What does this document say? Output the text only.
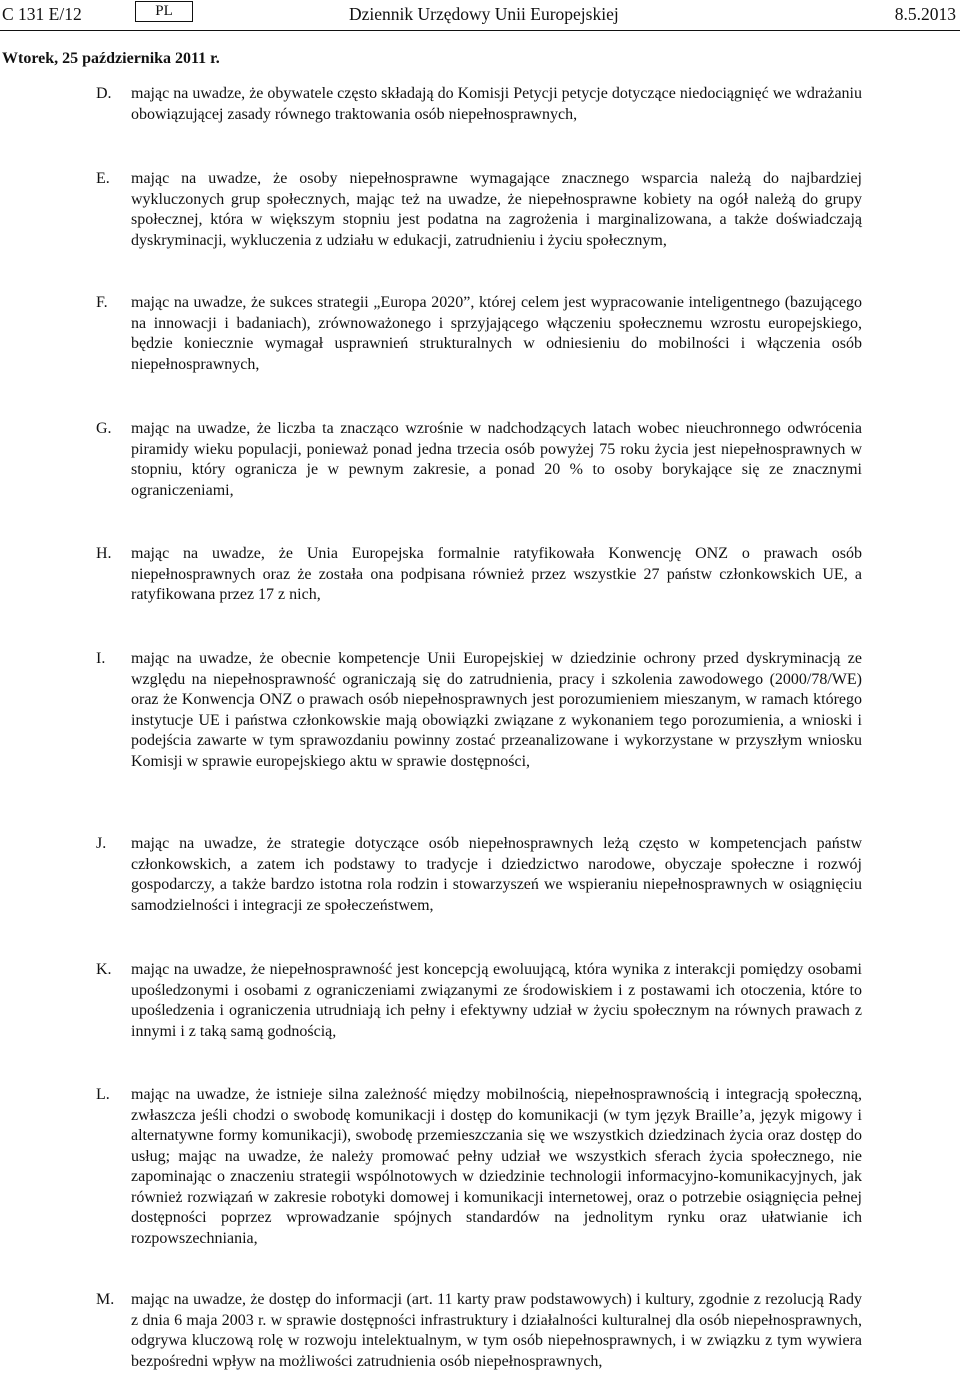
C 131 E/12	PL	Dziennik Urzędowy Unii Europejskiej	8.5.2013
Wtorek, 25 października 2011 r.
D. mając na uwadze, że obywatele często składają do Komisji Petycji petycje dotyczące niedociągnięć we wdrażaniu obowiązującej zasady równego traktowania osób niepełnosprawnych,
E. mając na uwadze, że osoby niepełnosprawne wymagające znacznego wsparcia należą do najbardziej wykluczonych grup społecznych, mając też na uwadze, że niepełnosprawne kobiety na ogół należą do grupy społecznej, która w większym stopniu jest podatna na zagrożenia i marginalizowana, a także doświadczają dyskryminacji, wykluczenia z udziału w edukacji, zatrudnieniu i życiu społecznym,
F. mając na uwadze, że sukces strategii „Europa 2020”, której celem jest wypracowanie inteligentnego (bazującego na innowacji i badaniach), zrównoważonego i sprzyjającego włączeniu społecznemu wzrostu europejskiego, będzie koniecznie wymagał usprawnień strukturalnych w odniesieniu do mobilności i włączenia osób niepełnosprawnych,
G. mając na uwadze, że liczba ta znacząco wzrośnie w nadchodzących latach wobec nieuchronnego odwrócenia piramidy wieku populacji, ponieważ ponad jedna trzecia osób powyżej 75 roku życia jest niepełnosprawnych w stopniu, który ogranicza je w pewnym zakresie, a ponad 20 % to osoby borykające się ze znacznymi ograniczeniami,
H. mając na uwadze, że Unia Europejska formalnie ratyfikowała Konwencję ONZ o prawach osób niepełnosprawnych oraz że została ona podpisana również przez wszystkie 27 państw członkowskich UE, a ratyfikowana przez 17 z nich,
I. mając na uwadze, że obecnie kompetencje Unii Europejskiej w dziedzinie ochrony przed dyskryminacją ze względu na niepełnosprawność ograniczają się do zatrudnienia, pracy i szkolenia zawodowego (2000/78/WE) oraz że Konwencja ONZ o prawach osób niepełnosprawnych jest porozumieniem mieszanym, w ramach którego instytucje UE i państwa członkowskie mają obowiązki związane z wykonaniem tego porozumienia, a wnioski i podejścia zawarte w tym sprawozdaniu powinny zostać przeanalizowane i wykorzystane w przyszłym wniosku Komisji w sprawie europejskiego aktu w sprawie dostępności,
J. mając na uwadze, że strategie dotyczące osób niepełnosprawnych leżą często w kompetencjach państw członkowskich, a zatem ich podstawy to tradycje i dziedzictwo narodowe, obyczaje społeczne i rozwój gospodarczy, a także bardzo istotna rola rodzin i stowarzyszeń we wspieraniu niepełnosprawnych w osiągnięciu samodzielności i integracji ze społeczeństwem,
K. mając na uwadze, że niepełnosprawność jest koncepcją ewoluującą, która wynika z interakcji pomiędzy osobami upośledzonymi i osobami z ograniczeniami związanymi ze środowiskiem i z postawami ich otoczenia, które to upośledzenia i ograniczenia utrudniają ich pełny i efektywny udział w życiu społecznym na równych prawach z innymi i z taką samą godnością,
L. mając na uwadze, że istnieje silna zależność między mobilnością, niepełnosprawnością i integracją społeczną, zwłaszcza jeśli chodzi o swobodę komunikacji i dostęp do komunikacji (w tym język Braille’a, język migowy i alternatywne formy komunikacji), swobodę przemieszczania się we wszystkich dziedzinach życia oraz dostęp do usług; mając na uwadze, że należy promować pełny udział we wszystkich sferach życia społecznego, nie zapominając o znaczeniu strategii wspólnotowych w dziedzinie technologii informacyjno-komunikacyjnych, jak również rozwiązań w zakresie robotyki domowej i komunikacji internetowej, oraz o potrzebie osiągnięcia pełnej dostępności poprzez wprowadzanie spójnych standardów na jednolitym rynku oraz ułatwianie ich rozpowszechniania,
M. mając na uwadze, że dostęp do informacji (art. 11 karty praw podstawowych) i kultury, zgodnie z rezolucją Rady z dnia 6 maja 2003 r. w sprawie dostępności infrastruktury i działalności kulturalnej dla osób niepełnosprawnych, odgrywa kluczową rolę w rozwoju intelektualnym, w tym osób niepełnosprawnych, i w związku z tym wywiera bezpośredni wpływ na możliwości zatrudnienia osób niepełnosprawnych,
